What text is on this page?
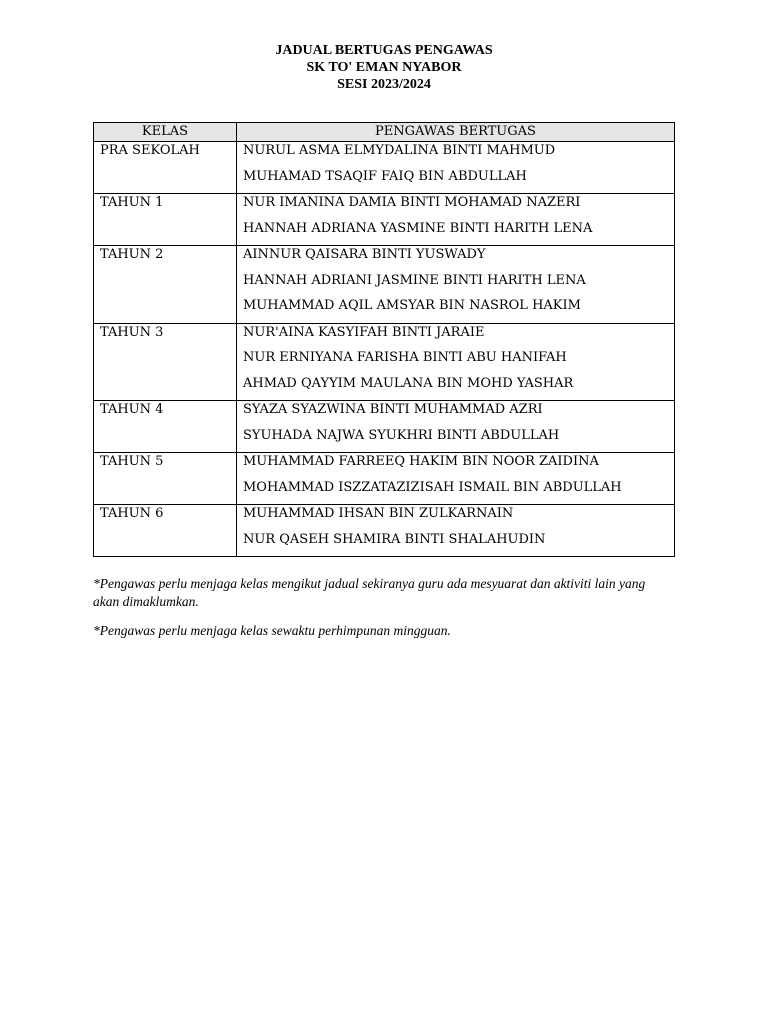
JADUAL BERTUGAS PENGAWAS
SK TO' EMAN NYABOR
SESI 2023/2024
KELAS	PENGAWAS BERTUGAS
PRA SEKOLAH	NURUL ASMA ELMYDALINA BINTI MAHMUD
MUHAMAD TSAQIF FAIQ BIN ABDULLAH

TAHUN 1	NUR IMANINA DAMIA BINTI MOHAMAD NAZERI
HANNAH ADRIANA YASMINE BINTI HARITH LENA

TAHUN 2	AINNUR QAISARA BINTI YUSWADY
HANNAH ADRIANI JASMINE BINTI HARITH LENA
MUHAMMAD AQIL AMSYAR BIN NASROL HAKIM

TAHUN 3	NUR'AINA KASYIFAH BINTI JARAIE
NUR ERNIYANA FARISHA BINTI ABU HANIFAH
AHMAD QAYYIM MAULANA BIN MOHD YASHAR

TAHUN 4	SYAZA SYAZWINA BINTI MUHAMMAD AZRI
SYUHADA NAJWA SYUKHRI BINTI ABDULLAH

TAHUN 5	MUHAMMAD FARREEQ HAKIM BIN NOOR ZAIDINA
MOHAMMAD ISZZATAZIZISAH ISMAIL BIN ABDULLAH

TAHUN 6	MUHAMMAD IHSAN BIN ZULKARNAIN
NUR QASEH SHAMIRA BINTI SHALAHUDIN

*Pengawas perlu menjaga kelas mengikut jadual sekiranya guru ada mesyuarat dan aktiviti lain yang akan dimaklumkan.

*Pengawas perlu menjaga kelas sewaktu perhimpunan mingguan.
